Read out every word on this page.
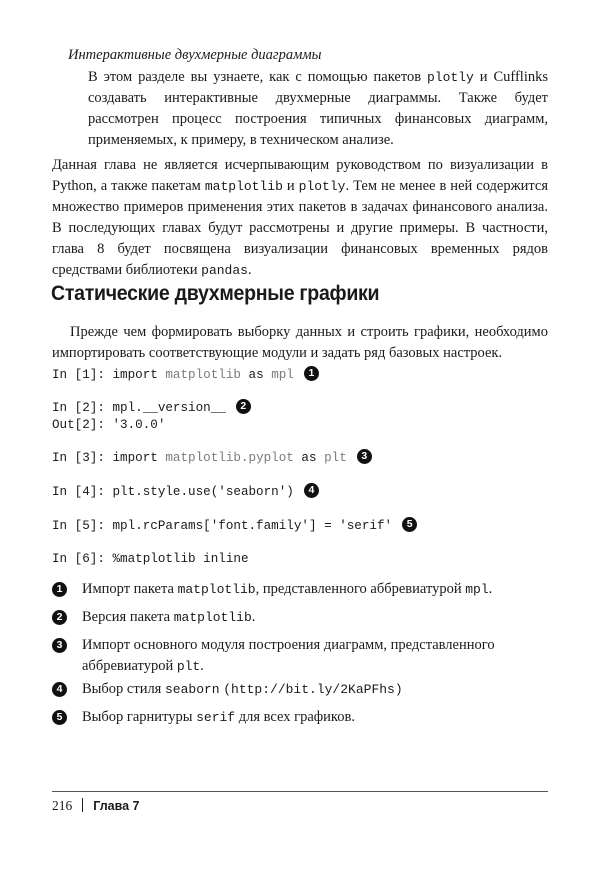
Интерактивные двухмерные диаграммы
В этом разделе вы узнаете, как с помощью пакетов plotly и Cufflinks создавать интерактивные двухмерные диаграммы. Также будет рассмотрен процесс построения типичных финансовых диаграмм, применяемых, к примеру, в техническом анализе.
Данная глава не является исчерпывающим руководством по визуализации в Python, а также пакетам matplotlib и plotly. Тем не менее в ней содержится множество примеров применения этих пакетов в задачах финансового анализа. В последующих главах будут рассмотрены и другие примеры. В частности, глава 8 будет посвящена визуализации финансовых временных рядов средствами библиотеки pandas.
Статические двухмерные графики
Прежде чем формировать выборку данных и строить графики, необходимо импортировать соответствующие модули и задать ряд базовых настроек.
In [1]: import matplotlib as mpl 1
In [2]: mpl.__version__ 2
Out[2]: '3.0.0'
In [3]: import matplotlib.pyplot as plt 3
In [4]: plt.style.use('seaborn') 4
In [5]: mpl.rcParams['font.family'] = 'serif' 5
In [6]: %matplotlib inline
1	Импорт пакета matplotlib, представленного аббревиатурой mpl.
2	Версия пакета matplotlib.
3	Импорт основного модуля построения диаграмм, представленного аббревиатурой plt.
4	Выбор стиля seaborn (http://bit.ly/2KaPFhs)
5	Выбор гарнитуры serif для всех графиков.
216 Глава 7
